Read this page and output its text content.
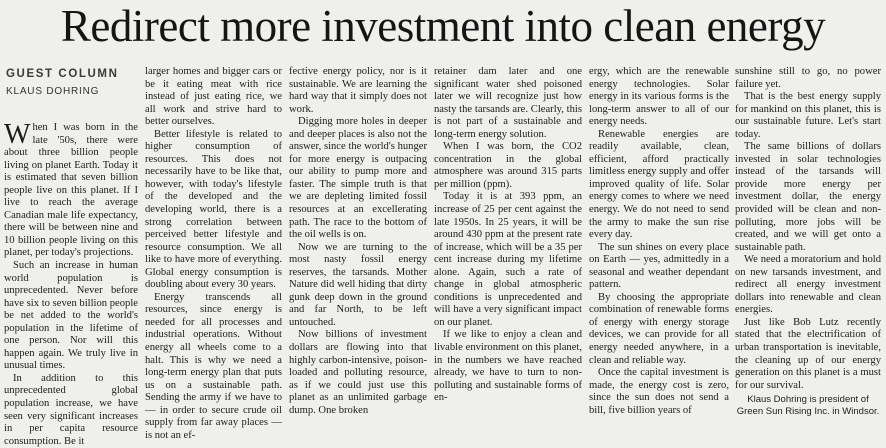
Redirect more investment into clean energy
GUEST COLUMN
KLAUS DOHRING

When I was born in the late '50s, there were about three billion people living on planet Earth. Today it is estimated that seven billion people live on this planet. If I live to reach the average Canadian male life expectancy, there will be between nine and 10 billion people living on this planet, per today's projections.

Such an increase in human world population is unprecedented. Never before have six to seven billion people be net added to the world's population in the lifetime of one person. Nor will this happen again. We truly live in unusual times.

In addition to this unprecedented global population increase, we have seen very significant increases in per capita resource consumption. Be it

larger homes and bigger cars or be it eating meat with rice instead of just eating rice, we all work and strive hard to better ourselves.

Better lifestyle is related to higher consumption of resources. This does not necessarily have to be like that, however, with today's lifestyle of the developed and the developing world, there is a strong correlation between perceived better lifestyle and resource consumption. We all like to have more of everything. Global energy consumption is doubling about every 30 years.

Energy transcends all resources, since energy is needed for all processes and industrial operations. Without energy all wheels come to a halt. This is why we need a long-term energy plan that puts us on a sustainable path. Sending the army if we have to — in order to secure crude oil supply from far away places — is not an ef-

fective energy policy, nor is it sustainable. We are learning the hard way that it simply does not work.

Digging more holes in deeper and deeper places is also not the answer, since the world's hunger for more energy is outpacing our ability to pump more and faster. The simple truth is that we are depleting limited fossil resources at an excellerating path. The race to the bottom of the oil wells is on.

Now we are turning to the most nasty fossil energy reserves, the tarsands. Mother Nature did well hiding that dirty gunk deep down in the ground and far North, to be left untouched.

Now billions of investment dollars are flowing into that highly carbon-intensive, poison-loaded and polluting resource, as if we could just use this planet as an unlimited garbage dump. One broken

retainer dam later and one significant water shed poisoned later we will recognize just how nasty the tarsands are. Clearly, this is not part of a sustainable and long-term energy solution.

When I was born, the CO2 concentration in the global atmosphere was around 315 parts per million (ppm).

Today it is at 393 ppm, an increase of 25 per cent against the late 1950s. In 25 years, it will be around 430 ppm at the present rate of increase, which will be a 35 per cent increase during my lifetime alone. Again, such a rate of change in global atmospheric conditions is unprecedented and will have a very significant impact on our planet.

If we like to enjoy a clean and livable environment on this planet, in the numbers we have reached already, we have to turn to non-polluting and sustainable forms of en-

ergy, which are the renewable energy technologies. Solar energy in its various forms is the long-term answer to all of our energy needs.

Renewable energies are readily available, clean, efficient, afford practically limitless energy supply and offer improved quality of life. Solar energy comes to where we need energy. We do not need to send the army to make the sun rise every day.

The sun shines on every place on Earth — yes, admittedly in a seasonal and weather dependant pattern.

By choosing the appropriate combination of renewable forms of energy with energy storage devices, we can provide for all energy needed anywhere, in a clean and reliable way.

Once the capital investment is made, the energy cost is zero, since the sun does not send a bill, five billion years of

sunshine still to go, no power failure yet.

That is the best energy supply for mankind on this planet, this is our sustainable future. Let's start today.

The same billions of dollars invested in solar technologies instead of the tarsands will provide more energy per investment dollar, the energy provided will be clean and non-polluting, more jobs will be created, and we will get onto a sustainable path.

We need a moratorium and hold on new tarsands investment, and redirect all energy investment dollars into renewable and clean energies.

Just like Bob Lutz recently stated that the electrification of urban transportation is inevitable, the cleaning up of our energy generation on this planet is a must for our survival.

Klaus Dohring is president of Green Sun Rising Inc. in Windsor.
